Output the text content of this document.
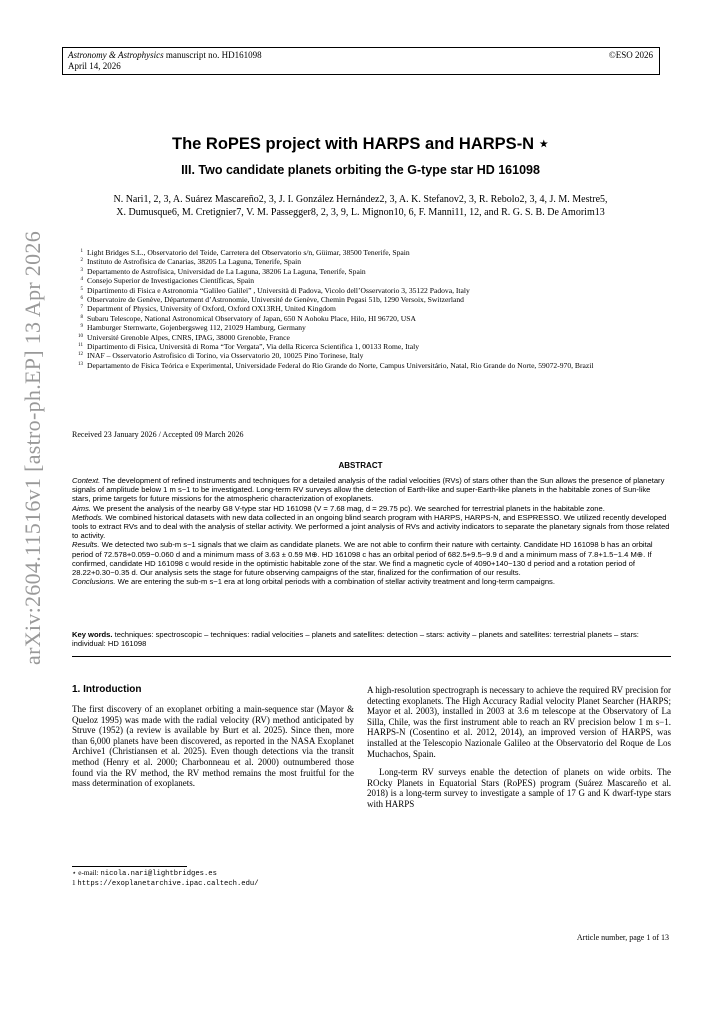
Astronomy & Astrophysics manuscript no. HD161098
April 14, 2026
©ESO 2026
arXiv:2604.11516v1 [astro-ph.EP] 13 Apr 2026
The RoPES project with HARPS and HARPS-N ⋆
III. Two candidate planets orbiting the G-type star HD 161098
N. Nari1, 2, 3, A. Suárez Mascareño2, 3, J. I. González Hernández2, 3, A. K. Stefanov2, 3, R. Rebolo2, 3, 4, J. M. Mestre5,
X. Dumusque6, M. Cretignier7, V. M. Passegger8, 2, 3, 9, L. Mignon10, 6, F. Manni11, 12, and R. G. S. B. De Amorim13
1 Light Bridges S.L., Observatorio del Teide, Carretera del Observatorio s/n, Güimar, 38500 Tenerife, Spain
2 Instituto de Astrofísica de Canarias, 38205 La Laguna, Tenerife, Spain
3 Departamento de Astrofísica, Universidad de La Laguna, 38206 La Laguna, Tenerife, Spain
4 Consejo Superior de Investigaciones Científicas, Spain
5 Dipartimento di Fisica e Astronomia “Galileo Galilei” , Università di Padova, Vicolo dell’Osservatorio 3, 35122 Padova, Italy
6 Observatoire de Genève, Département d’Astronomie, Université de Genève, Chemin Pegasi 51b, 1290 Versoix, Switzerland
7 Department of Physics, University of Oxford, Oxford OX13RH, United Kingdom
8 Subaru Telescope, National Astronomical Observatory of Japan, 650 N Aohoku Place, Hilo, HI 96720, USA
9 Hamburger Sternwarte, Gojenbergsweg 112, 21029 Hamburg, Germany
10 Université Grenoble Alpes, CNRS, IPAG, 38000 Grenoble, France
11 Dipartimento di Fisica, Università di Roma “Tor Vergata”, Via della Ricerca Scientifica 1, 00133 Rome, Italy
12 INAF – Osservatorio Astrofisico di Torino, via Osservatorio 20, 10025 Pino Torinese, Italy
13 Departamento de Física Teórica e Experimental, Universidade Federal do Rio Grande do Norte, Campus Universitário, Natal, Rio Grande do Norte, 59072-970, Brazil
Received 23 January 2026 / Accepted 09 March 2026
ABSTRACT

Context. The development of refined instruments and techniques for a detailed analysis of the radial velocities (RVs) of stars other than the Sun allows the presence of planetary signals of amplitude below 1 m s−1 to be investigated. Long-term RV surveys allow the detection of Earth-like and super-Earth-like planets in the habitable zones of Sun-like stars, prime targets for future missions for the atmospheric characterization of exoplanets.

Aims. We present the analysis of the nearby G8 V-type star HD 161098 (V = 7.68 mag, d = 29.75 pc). We searched for terrestrial planets in the habitable zone.

Methods. We combined historical datasets with new data collected in an ongoing blind search program with HARPS, HARPS-N, and ESPRESSO. We utilized recently developed tools to extract RVs and to deal with the analysis of stellar activity. We performed a joint analysis of RVs and activity indicators to separate the planetary signals from those related to activity.

Results. We detected two sub-m s−1 signals that we claim as candidate planets. We are not able to confirm their nature with certainty. Candidate HD 161098 b has an orbital period of 72.578+0.059−0.060 d and a minimum mass of 3.63 ± 0.59 M⊕. HD 161098 c has an orbital period of 682.5+9.5−9.9 d and a minimum mass of 7.8+1.5−1.4 M⊕. If confirmed, candidate HD 161098 c would reside in the optimistic habitable zone of the star. We find a magnetic cycle of 4090+140−130 d period and a rotation period of 28.22+0.30−0.35 d. Our analysis sets the stage for future observing campaigns of the star, finalized for the confirmation of our results.

Conclusions. We are entering the sub-m s−1 era at long orbital periods with a combination of stellar activity treatment and long-term campaigns.

Key words. techniques: spectroscopic – techniques: radial velocities – planets and satellites: detection – stars: activity – planets and satellites: terrestrial planets – stars: individual: HD 161098
1. Introduction

The first discovery of an exoplanet orbiting a main-sequence star (Mayor & Queloz 1995) was made with the radial velocity (RV) method anticipated by Struve (1952) (a review is available by Burt et al. 2025). Since then, more than 6,000 planets have been discovered, as reported in the NASA Exoplanet Archive1 (Christiansen et al. 2025). Even though detections via the transit method (Henry et al. 2000; Charbonneau et al. 2000) outnumbered those found via the RV method, the RV method remains the most fruitful for the mass determination of exoplanets.

A high-resolution spectrograph is necessary to achieve the required RV precision for detecting exoplanets. The High Accuracy Radial velocity Planet Searcher (HARPS; Mayor et al. 2003), installed in 2003 at 3.6 m telescope at the Observatory of La Silla, Chile, was the first instrument able to reach an RV precision below 1 m s−1. HARPS-N (Cosentino et al. 2012, 2014), an improved version of HARPS, was installed at the Telescopio Nazionale Galileo at the Observatorio del Roque de Los Muchachos, Spain.

Long-term RV surveys enable the detection of planets on wide orbits. The ROcky Planets in Equatorial Stars (RoPES) program (Suárez Mascareño et al. 2018) is a long-term survey to investigate a sample of 17 G and K dwarf-type stars with HARPS

⋆ e-mail: nicola.nari@lightbridges.es
1 https://exoplanetarchive.ipac.caltech.edu/
Article number, page 1 of 13
